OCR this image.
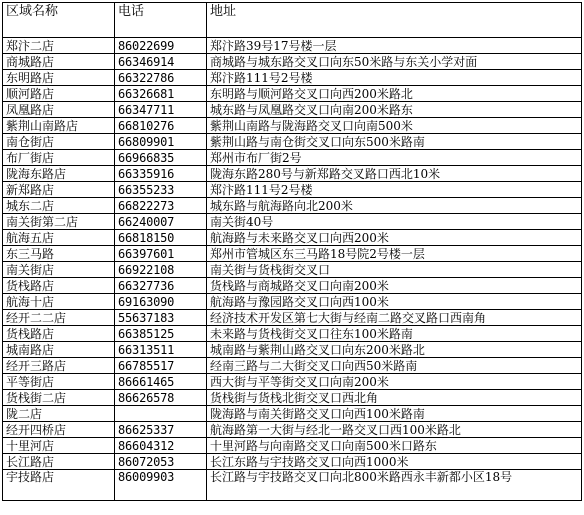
区域名称	电话	地址
郑汴二店	86022699	郑汴路39号17号楼一层
商城路店	66346914	商城路与城东路交叉口向东50米路与东关小学对面
东明路店	66322786	郑汴路111号2号楼
顺河路店	66326681	东明路与顺河路交叉口向西200米路北
凤凰路店	66347711	城东路与凤凰路交叉口向南200米路东
紫荆山南路店	66810276	紫荆山南路与陇海路交叉口向南500米
南仓街店	66809901	紫荆山路与南仓街交叉口向东500米路南
布厂街店	66966835	郑州市布厂街2号
陇海东路店	66335916	陇海东路280号与新郑路交叉路口西北10米
新郑路店	66355233	郑汴路111号2号楼
城东二店	66822273	城东路与航海路向北200米
南关街第二店	66240007	南关街40号
航海五店	66818150	航海路与未来路交叉口向西200米
东三马路	66397601	郑州市管城区东三马路18号院2号楼一层
南关街店	66922108	南关街与货栈街交叉口
货栈路店	66327736	货栈路与商城路交叉口向南200米
航海十店	69163090	航海路与豫园路交叉口向西100米
经开二二店	55637183	经济技术开发区第七大街与经南二路交叉路口西南角
货栈路店	66385125	未来路与货栈街交叉口往东100米路南
城南路店	66313511	城南路与紫荆山路交叉口向东200米路北
经开三路店	66785517	经南三路与二大街交叉口向西50米路南
平等街店	86661465	西大街与平等街交叉口向南200米
货栈街二店	86626578	货栈街与货栈北街交叉口西北角
陇二店		陇海路与南关街路交叉口向西100米路南
经开四桥店	86625337	航海路第一大街与经北一路交叉口西100米路北
十里河店	86604312	十里河路与向南路交叉口向南500米口路东
长江路店	86072053	长江东路与宇技路交叉口向西1000米
宇技路店	86009903	长江路与宇技路交叉口向北800米路西永丰新都小区18号
